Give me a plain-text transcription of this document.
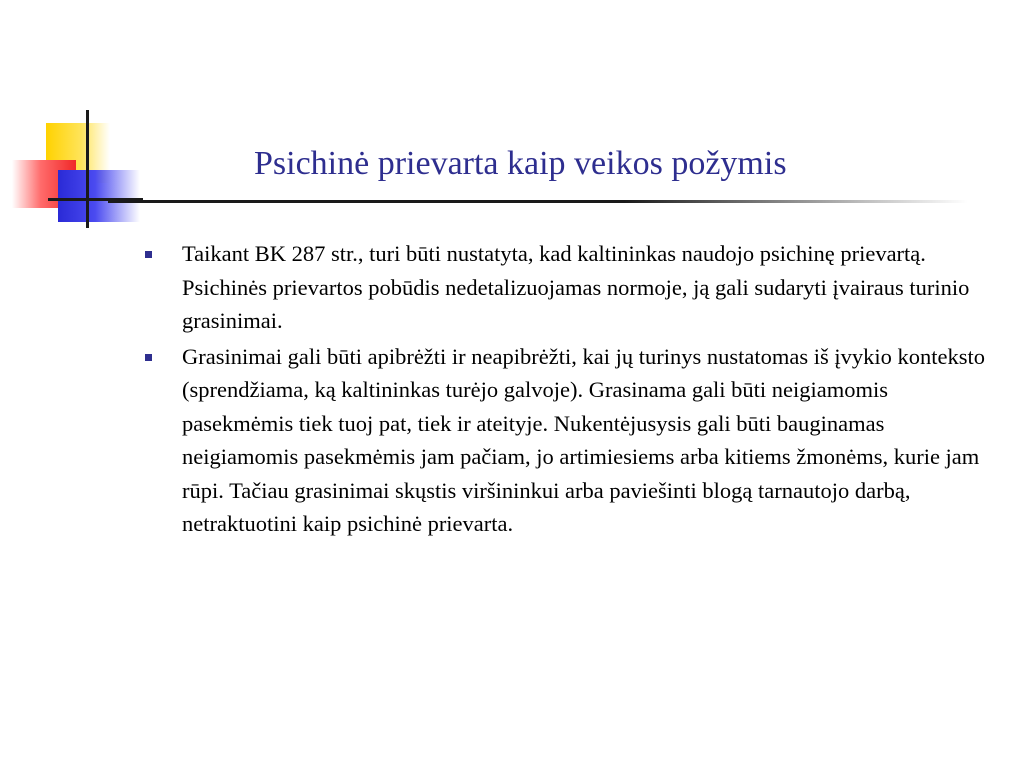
Psichinė prievarta kaip veikos požymis
Taikant BK 287 str., turi būti nustatyta, kad kaltininkas naudojo psichinę prievartą. Psichinės prievartos pobūdis nedetalizuojamas normoje, ją gali sudaryti įvairaus turinio grasinimai.
Grasinimai gali būti apibrėžti ir neapibrėžti, kai jų turinys nustatomas iš įvykio konteksto (sprendžiama, ką kaltininkas turėjo galvoje). Grasinama gali būti neigiamomis pasekmėmis tiek tuoj pat, tiek ir ateityje. Nukentėjusysis gali būti bauginamas neigiamomis pasekmėmis jam pačiam, jo artimiesiems arba kitiems žmonėms, kurie jam rūpi. Tačiau grasinimai skųstis viršininkui arba paviešinti blogą tarnautojo darbą, netraktuotini kaip psichinė prievarta.
